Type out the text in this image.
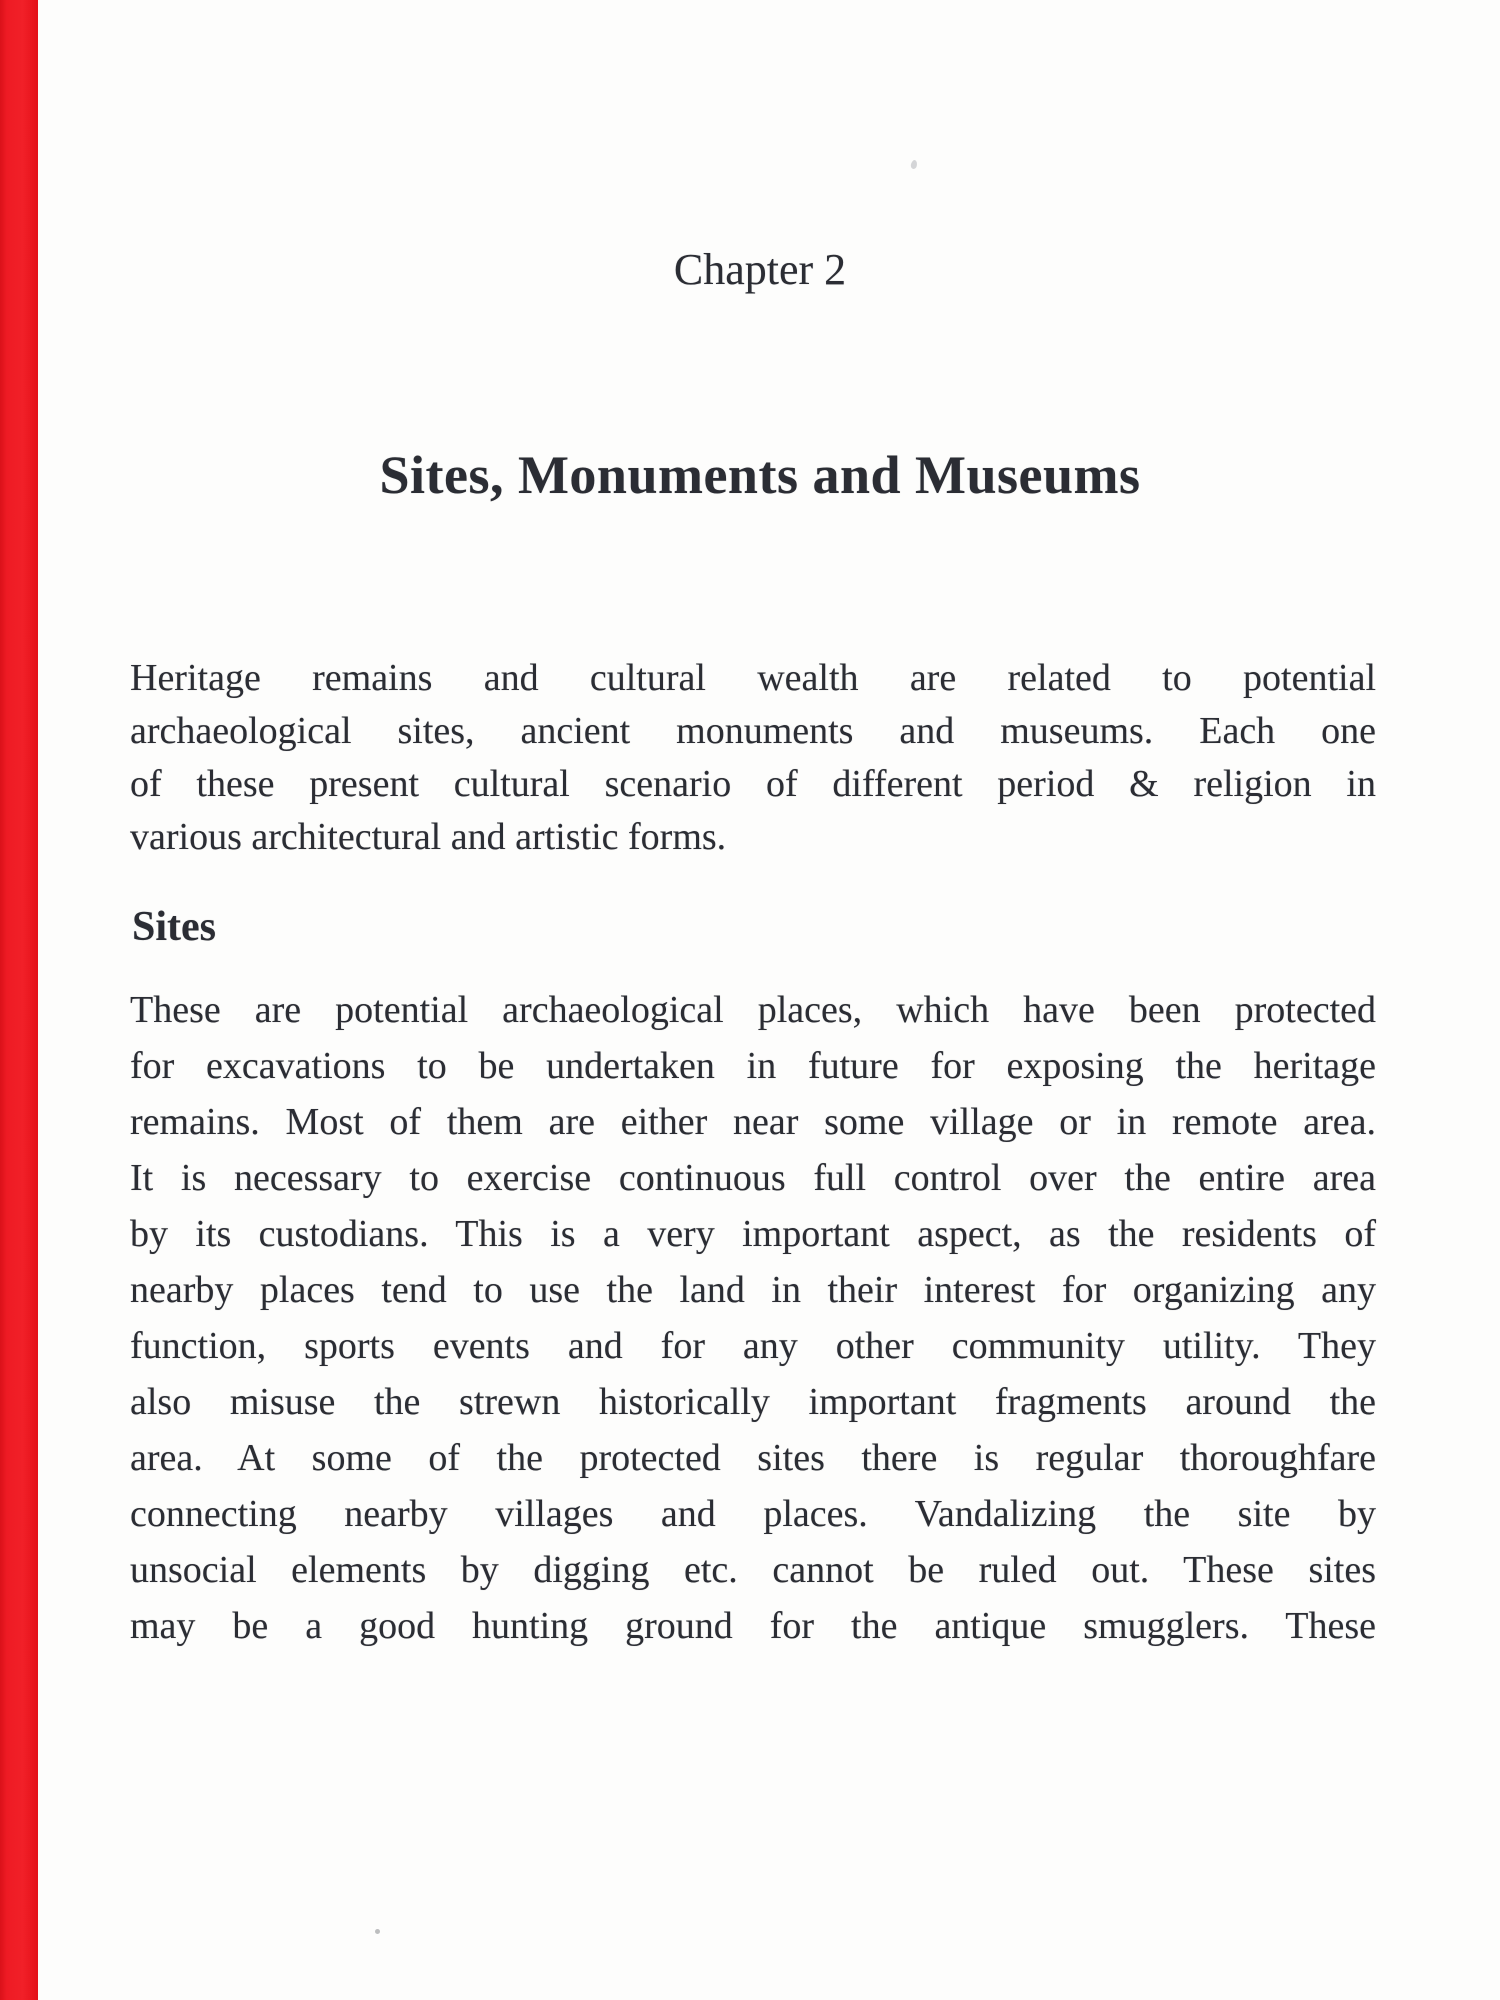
Chapter 2
Sites, Monuments and Museums
Heritage remains and cultural wealth are related to potential
archaeological sites, ancient monuments and museums. Each one
of these present cultural scenario of different period & religion in
various architectural and artistic forms.
Sites
These are potential archaeological places, which have been protected
for excavations to be undertaken in future for exposing the heritage
remains. Most of them are either near some village or in remote area.
It is necessary to exercise continuous full control over the entire area
by its custodians. This is a very important aspect, as the residents of
nearby places tend to use the land in their interest for organizing any
function, sports events and for any other community utility. They
also misuse the strewn historically important fragments around the
area. At some of the protected sites there is regular thoroughfare
connecting nearby villages and places. Vandalizing the site by
unsocial elements by digging etc. cannot be ruled out. These sites
may be a good hunting ground for the antique smugglers. These
